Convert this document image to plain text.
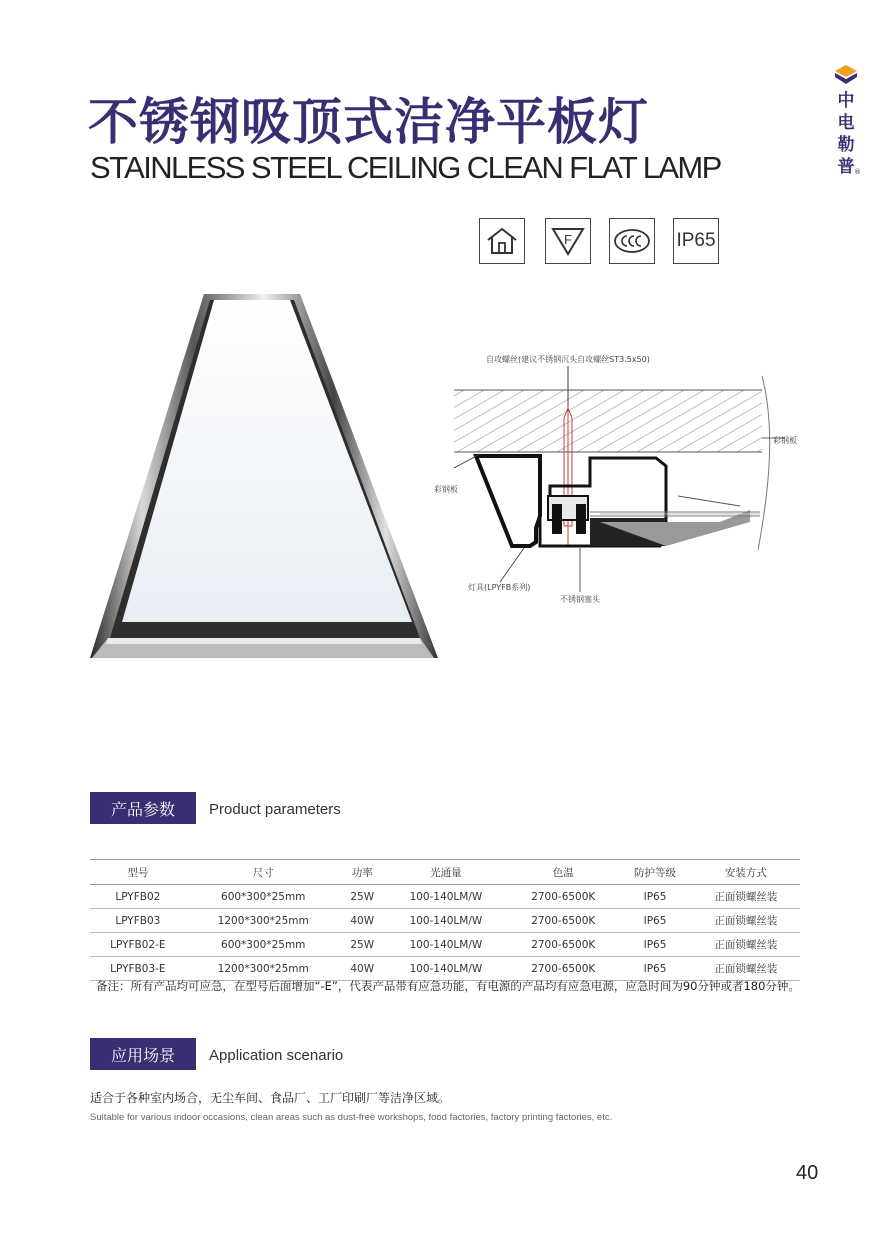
不锈钢吸顶式洁净平板灯
STAINLESS STEEL CEILING CLEAN FLAT LAMP
中
电
勒
普 ®
F	IP65
自攻螺丝(建议不锈钢沉头自攻螺丝ST3.5x50)
彩钢板
彩钢板
灯具(LPYFB系列)
不锈钢塞头
产品参数	Product parameters
型号	尺寸	功率	光通量	色温	防护等级	安装方式
LPYFB02	600*300*25mm	25W	100-140LM/W	2700-6500K	IP65	正面锁螺丝装
LPYFB03	1200*300*25mm	40W	100-140LM/W	2700-6500K	IP65	正面锁螺丝装
LPYFB02-E	600*300*25mm	25W	100-140LM/W	2700-6500K	IP65	正面锁螺丝装
LPYFB03-E	1200*300*25mm	40W	100-140LM/W	2700-6500K	IP65	正面锁螺丝装
备注：所有产品均可应急，在型号后面增加“-E”，代表产品带有应急功能，有电源的产品均有应急电源，应急时间为90分钟或者180分钟。
应用场景	Application scenario
适合于各种室内场合，无尘车间、食品厂、工厂印刷厂等洁净区域。
Suitable for various indoor occasions, clean areas such as dust-free workshops, food factories, factory printing factories, etc.
40
